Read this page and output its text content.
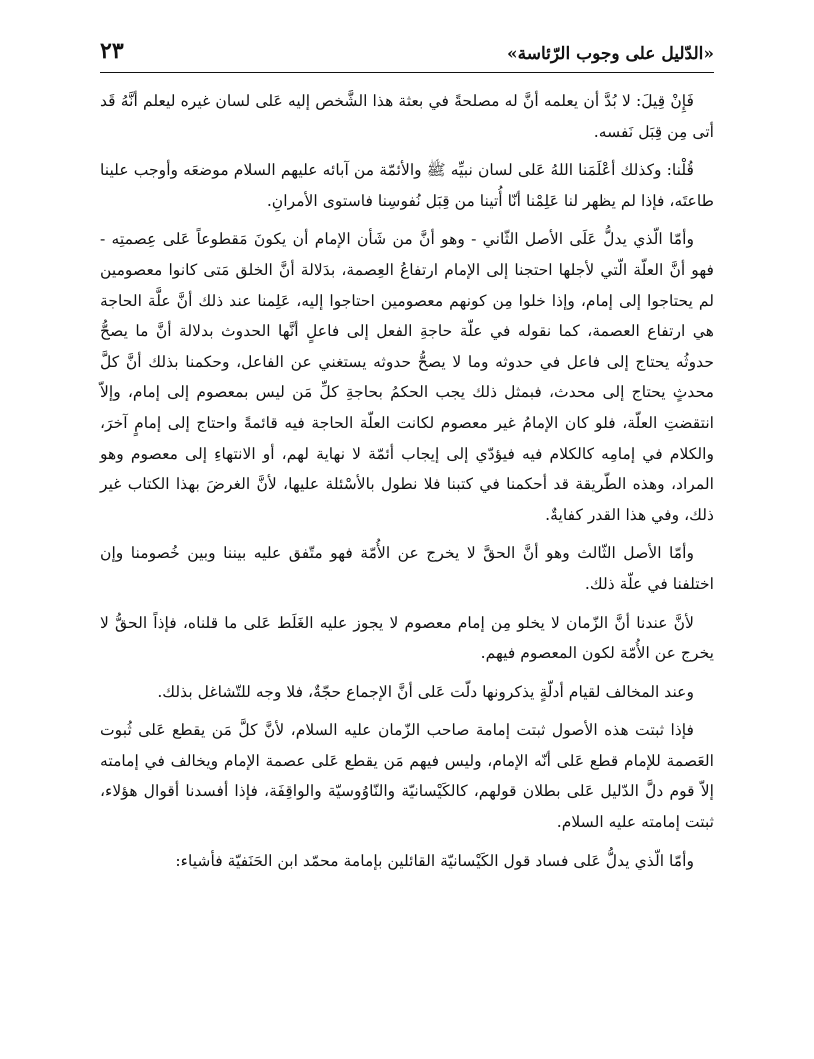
«الدّليل على وجوب الرّئاسة»
٢٣

فَإِنْ قِيلَ: لا بُدَّ أن يعلمه أنَّ له مصلحةً في بعثة هذا الشَّخص إليه عَلى لسان غيره ليعلم أنَّهُ قَد أتى مِن قِبَل نَفسه.

قُلْنا: وكذلك أعْلَمَنا اللهُ عَلى لسان نبيِّه ﷺ والأئمّة من آبائه عليهم السلام موضعَه وأوجب علينا طاعتَه، فإذا لم يظهر لنا عَلِمْنا أنّا أُتينا من قِبَل نُفوسِنا فاستوى الأمرانِ.

وأمّا الّذي يدلُّ عَلَى الأصل الثّاني - وهو أنَّ من شَأن الإمام أن يكونَ مَقطوعاً عَلى عِصمتِه - فهو أنَّ العلّة الّتي لأجلها احتجنا إلى الإمام ارتفاعُ العِصمة، بدَلالة أنَّ الخلق مَتى كانوا معصومين لم يحتاجوا إلى إمام، وإذا خلوا مِن كونهم معصومين احتاجوا إليه، عَلِمنا عند ذلك أنَّ علَّة الحاجة هي ارتفاع العصمة، كما نقوله في علّة حاجةِ الفعل إلى فاعلٍ أنَّها الحدوث بدلالة أنَّ ما يصحُّ حدوثُه يحتاج إلى فاعل في حدوثه وما لا يصحُّ حدوثه يستغني عن الفاعل، وحكمنا بذلك أنَّ كلَّ محدثٍ يحتاج إلى محدث، فبمثل ذلك يجب الحكمُ بحاجةِ كلِّ مَن ليس بمعصوم إلى إمام، وإلاّ انتقضتِ العلّة، فلو كان الإمامُ غير معصوم لكانت العلّة الحاجة فيه قائمةً واحتاج إلى إمامٍ آخرَ، والكلام في إمامِه كالكلام فيه فيؤدّي إلى إيجاب أئمّة لا نهاية لهم، أو الانتهاءِ إلى معصوم وهو المراد، وهذه الطّريقة قد أحكمنا في كتبنا فلا نطول بالأسْئلة عليها، لأنَّ الغرضَ بهذا الكتاب غير ذلك، وفي هذا القدر كفايةٌ.

وأمّا الأصل الثّالث وهو أنَّ الحقَّ لا يخرج عن الأُمّة فهو متّفق عليه بيننا وبين خُصومنا وإن اختلفنا في علّة ذلك.

لأنَّ عندنا أنَّ الزّمان لا يخلو مِن إمام معصوم لا يجوز عليه الغَلَط عَلى ما قلناه، فإذاً الحقُّ لا يخرج عن الأُمّة لكون المعصوم فيهم.

وعند المخالف لقيام أدلّةٍ يذكرونها دلّت عَلى أنَّ الإجماع حجّةٌ، فلا وجه للتّشاغل بذلك.

فإذا ثبتت هذه الأصول ثبتت إمامة صاحب الزّمان عليه السلام، لأنَّ كلَّ مَن يقطع عَلى ثُبوت العَصمة للإمام قطع عَلى أنّه الإمام، وليس فيهم مَن يقطع عَلى عصمة الإمام ويخالف في إمامته إلاّ قوم دلَّ الدّليل عَلى بطلان قولهم، كالكَيْسانيّة والنّاوُوسيّة والواقِفَة، فإذا أفسدنا أقوال هؤلاء، ثبتت إمامته عليه السلام.

وأمّا الّذي يدلُّ عَلى فساد قول الكَيْسانيّة القائلين بإمامة محمّد ابن الحَنَفيّة فأشياء:
